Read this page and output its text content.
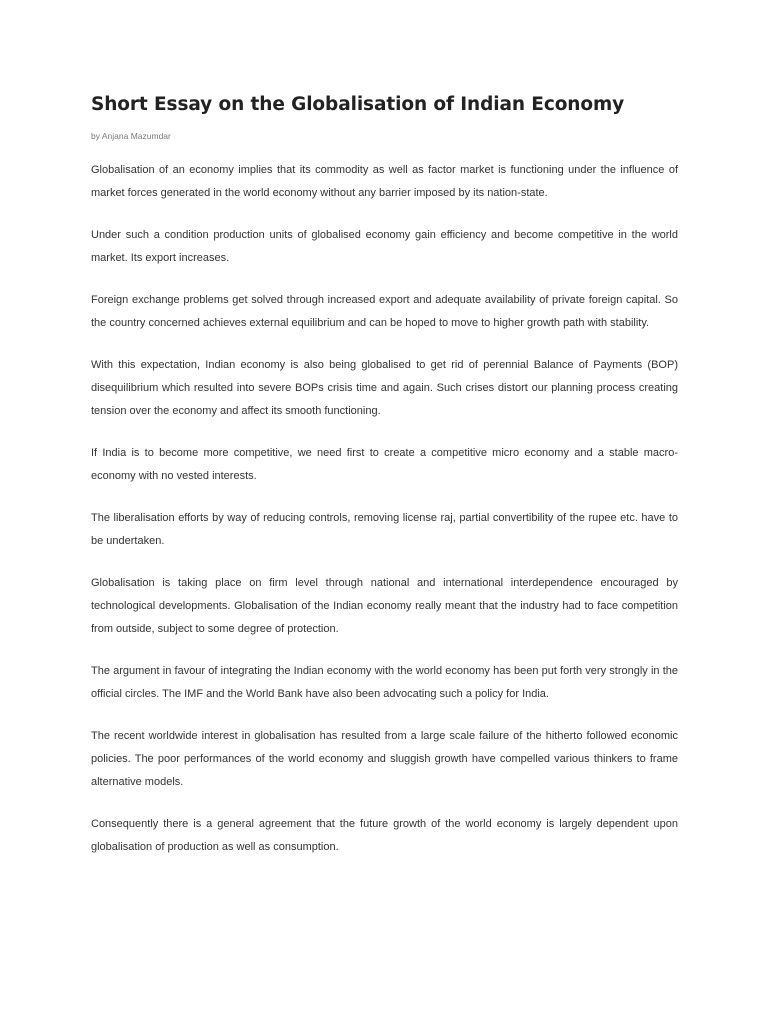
Short Essay on the Globalisation of Indian Economy

by Anjana Mazumdar

Globalisation of an economy implies that its commodity as well as factor market is functioning under the influence of market forces generated in the world economy without any barrier imposed by its nation-state.

Under such a condition production units of globalised economy gain efficiency and become competitive in the world market. Its export increases.

Foreign exchange problems get solved through increased export and adequate availability of private foreign capital. So the country concerned achieves external equilibrium and can be hoped to move to higher growth path with stability.

With this expectation, Indian economy is also being globalised to get rid of perennial Balance of Payments (BOP) disequilibrium which resulted into severe BOPs crisis time and again. Such crises distort our planning process creating tension over the economy and affect its smooth functioning.

If India is to become more competitive, we need first to create a competitive micro economy and a stable macro-economy with no vested interests.

The liberalisation efforts by way of reducing controls, removing license raj, partial convertibility of the rupee etc. have to be undertaken.

Globalisation is taking place on firm level through national and international interdependence encouraged by technological developments. Globalisation of the Indian economy really meant that the industry had to face competition from outside, subject to some degree of protection.

The argument in favour of integrating the Indian economy with the world economy has been put forth very strongly in the official circles. The IMF and the World Bank have also been advocating such a policy for India.

The recent worldwide interest in globalisation has resulted from a large scale failure of the hitherto followed economic policies. The poor performances of the world economy and sluggish growth have compelled various thinkers to frame alternative models.

Consequently there is a general agreement that the future growth of the world economy is largely dependent upon globalisation of production as well as consumption.
